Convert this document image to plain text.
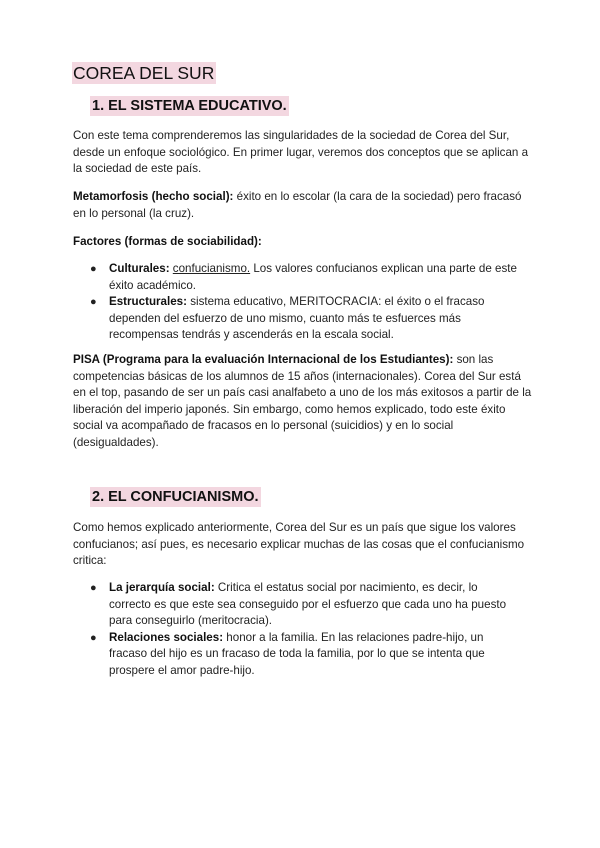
COREA DEL SUR
1. EL SISTEMA EDUCATIVO.

Con este tema comprenderemos las singularidades de la sociedad de Corea del Sur, desde un enfoque sociológico. En primer lugar, veremos dos conceptos que se aplican a la sociedad de este país.

Metamorfosis (hecho social): éxito en lo escolar (la cara de la sociedad) pero fracasó en lo personal (la cruz).

Factores (formas de sociabilidad):

● Culturales: confucianismo. Los valores confucianos explican una parte de este éxito académico.
● Estructurales: sistema educativo, MERITOCRACIA: el éxito o el fracaso dependen del esfuerzo de uno mismo, cuanto más te esfuerces más recompensas tendrás y ascenderás en la escala social.

PISA (Programa para la evaluación Internacional de los Estudiantes): son las competencias básicas de los alumnos de 15 años (internacionales). Corea del Sur está en el top, pasando de ser un país casi analfabeto a uno de los más exitosos a partir de la liberación del imperio japonés. Sin embargo, como hemos explicado, todo este éxito social va acompañado de fracasos en lo personal (suicidios) y en lo social (desigualdades).

2. EL CONFUCIANISMO.

Como hemos explicado anteriormente, Corea del Sur es un país que sigue los valores confucianos; así pues, es necesario explicar muchas de las cosas que el confucianismo critica:

● La jerarquía social: Critica el estatus social por nacimiento, es decir, lo correcto es que este sea conseguido por el esfuerzo que cada uno ha puesto para conseguirlo (meritocracia).
● Relaciones sociales: honor a la familia. En las relaciones padre-hijo, un fracaso del hijo es un fracaso de toda la familia, por lo que se intenta que prospere el amor padre-hijo.
